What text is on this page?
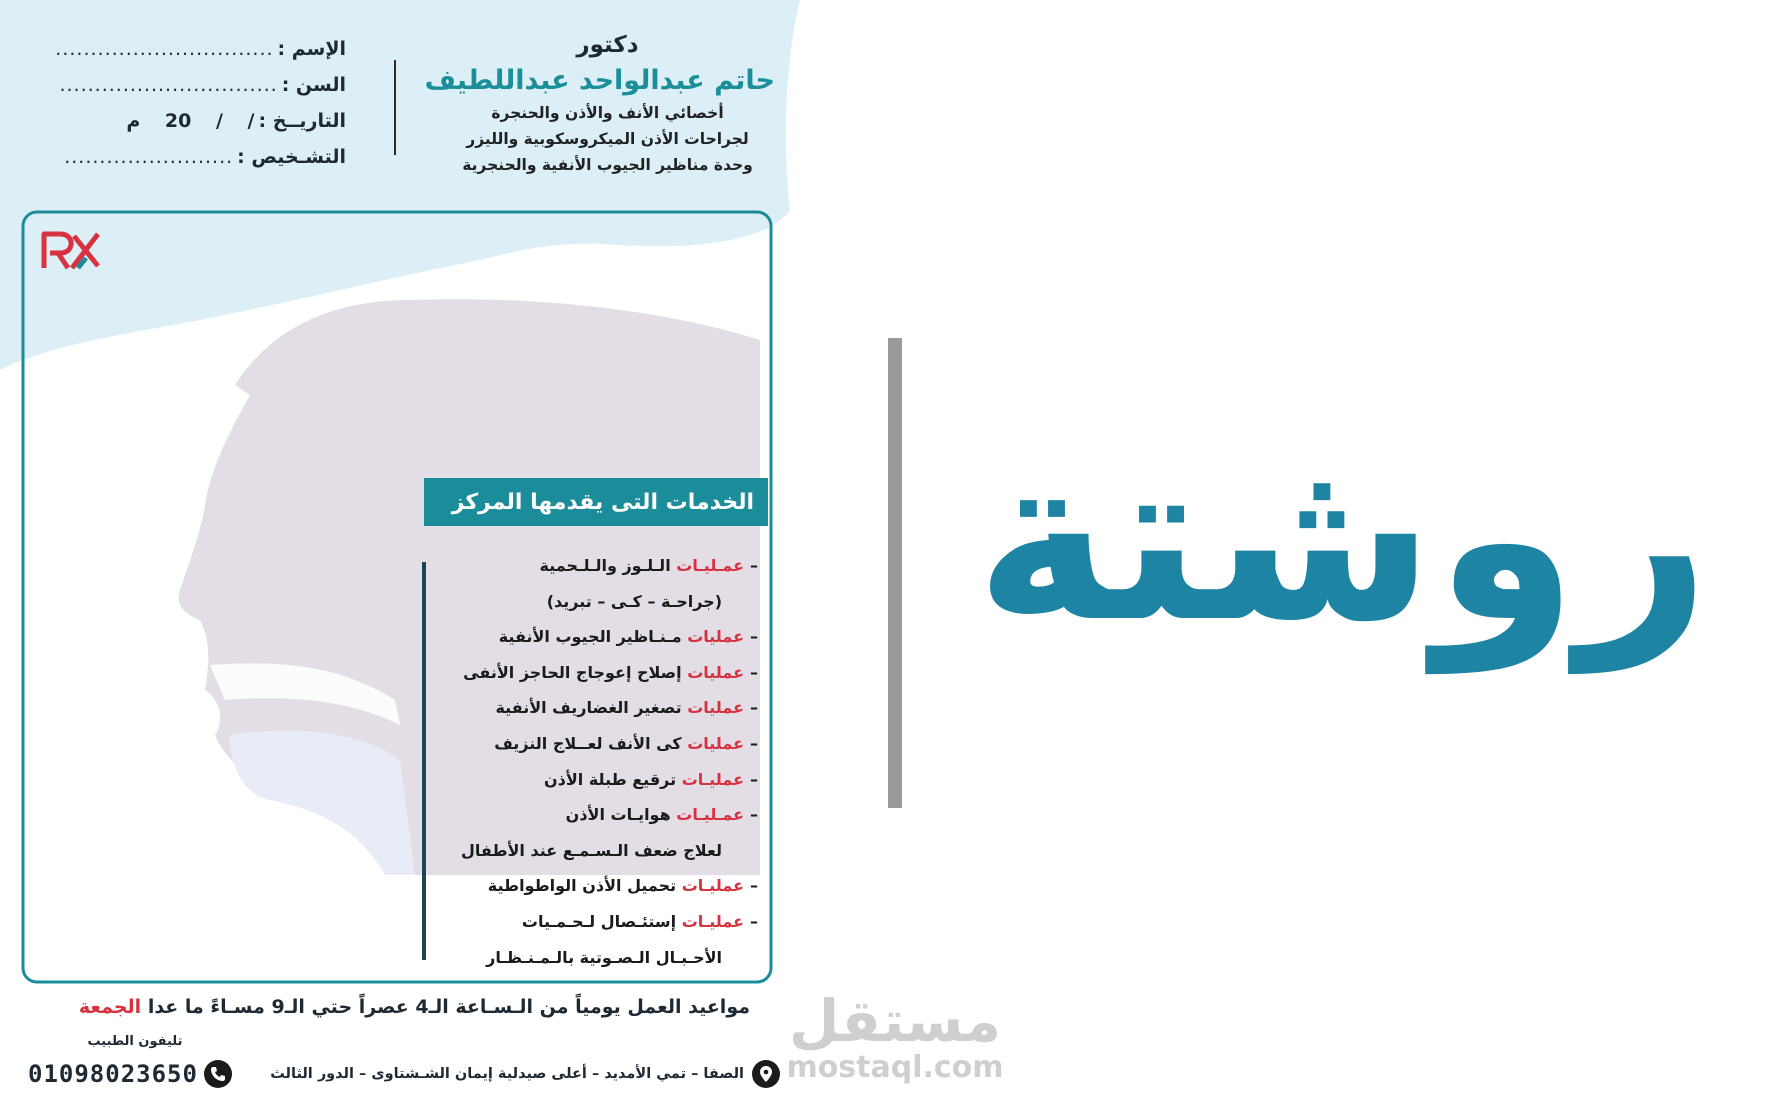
دكتور
حاتم عبدالواحد عبداللطيف
أخصائي الأنف والأذن والحنجرة
لجراحات الأذن الميكروسكوبية والليزر
وحدة مناظير الجيوب الأنفية والحنجرية
الإسم :
...............................
السن :
...............................
التاريــخ :
/ / 20 م
التشـخيص :
........................
الخدمات التى يقدمها المركز
–عمـليـات الـلـوز والـلـحمية
(جراحـة – كـى – تبريد)
–عمليات مـنـاظير الجيوب الأنفية
–عمليات إصلاح إعوجاج الحاجز الأنفى
–عمليات تصغير الغضاريف الأنفية
–عمليات كى الأنف لعــلاج النزيف
–عمليـات ترقيع طبلة الأذن
–عمـليـات هوايـات الأذن
لعلاج ضعف الـسـمـع عند الأطفال
–عمليـات تحميل الأذن الواطواطية
–عمليـات إستئـصال لـحـمـيات
الأحـبـال الـصـوتية بالـمـنـظـار
مواعيد العمل يومياً من الـسـاعة الـ4 عصراً حتي الـ9 مسـاءً ما عدا الجمعة
تليفون الطبيب
01098023650	الصفا – تمي الأمديد – أعلى صيدلية إيمان الشـشتاوى – الدور الثالث
مستقل
mostaql.com
روشتة
